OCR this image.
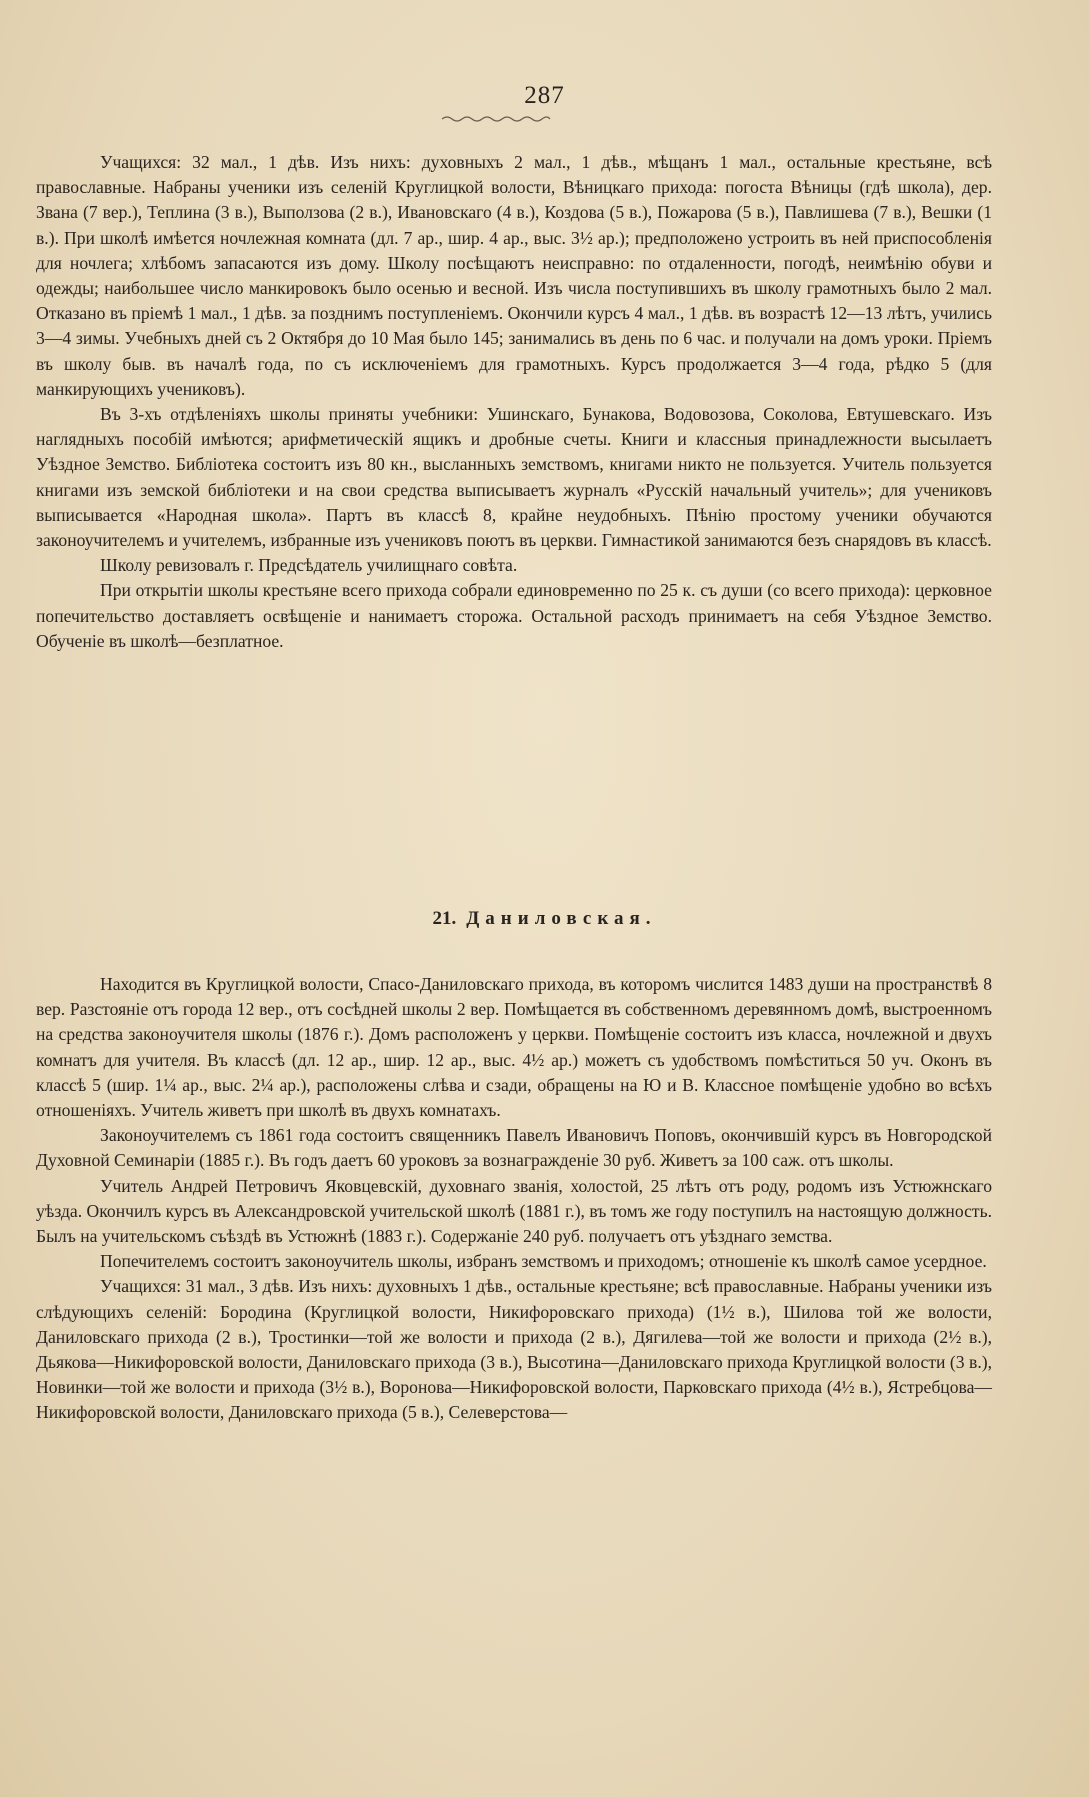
287

Учащихся: 32 мал., 1 дѣв. Изъ нихъ: духовныхъ 2 мал., 1 дѣв., мѣщанъ 1 мал., остальные крестьяне, всѣ православные. Набраны ученики изъ селеній Круглицкой волости, Вѣницкаго прихода: погоста Вѣницы (гдѣ школа), дер. Звана (7 вер.), Теплина (3 в.), Выползова (2 в.), Ивановскаго (4 в.), Коздова (5 в.), Пожарова (5 в.), Павлишева (7 в.), Вешки (1 в.). При школѣ имѣется ночлежная комната (дл. 7 ар., шир. 4 ар., выс. 3½ ар.); предположено устроить въ ней приспособленія для ночлега; хлѣбомъ запасаются изъ дому. Школу посѣщаютъ неисправно: по отдаленности, погодѣ, неимѣнію обуви и одежды; наибольшее число манкировокъ было осенью и весной. Изъ числа поступившихъ въ школу грамотныхъ было 2 мал. Отказано въ пріемѣ 1 мал., 1 дѣв. за позднимъ поступленіемъ. Окончили курсъ 4 мал., 1 дѣв. въ возрастѣ 12—13 лѣтъ, учились 3—4 зимы. Учебныхъ дней съ 2 Октября до 10 Мая было 145; занимались въ день по 6 час. и получали на домъ уроки. Пріемъ въ школу быв. въ началѣ года, по съ исключеніемъ для грамотныхъ. Курсъ продолжается 3—4 года, рѣдко 5 (для манкирующихъ учениковъ).

Въ 3-хъ отдѣленіяхъ школы приняты учебники: Ушинскаго, Бунакова, Водовозова, Соколова, Евтушевскаго. Изъ наглядныхъ пособій имѣются; арифметическій ящикъ и дробные счеты. Книги и классныя принадлежности высылаетъ Уѣздное Земство. Библіотека состоитъ изъ 80 кн., высланныхъ земствомъ, книгами никто не пользуется. Учитель пользуется книгами изъ земской библіотеки и на свои средства выписываетъ журналъ «Русскій начальный учитель»; для учениковъ выписывается «Народная школа». Партъ въ классѣ 8, крайне неудобныхъ. Пѣнію простому ученики обучаются законоучителемъ и учителемъ, избранные изъ учениковъ поютъ въ церкви. Гимнастикой занимаются безъ снарядовъ въ классѣ.

Школу ревизовалъ г. Предсѣдатель училищнаго совѣта.

При открытіи школы крестьяне всего прихода собрали единовременно по 25 к. съ души (со всего прихода): церковное попечительство доставляетъ освѣщеніе и нанимаетъ сторожа. Остальной расходъ принимаетъ на себя Уѣздное Земство. Обученіе въ школѣ—безплатное.

21. Даниловская.

Находится въ Круглицкой волости, Спасо-Даниловскаго прихода, въ которомъ числится 1483 души на пространствѣ 8 вер. Разстояніе отъ города 12 вер., отъ сосѣдней школы 2 вер. Помѣщается въ собственномъ деревянномъ домѣ, выстроенномъ на средства законоучителя школы (1876 г.). Домъ расположенъ у церкви. Помѣщеніе состоитъ изъ класса, ночлежной и двухъ комнатъ для учителя. Въ классѣ (дл. 12 ар., шир. 12 ар., выс. 4½ ар.) можетъ съ удобствомъ помѣститься 50 уч. Оконъ въ классѣ 5 (шир. 1¼ ар., выс. 2¼ ар.), расположены слѣва и сзади, обращены на Ю и В. Классное помѣщеніе удобно во всѣхъ отношеніяхъ. Учитель живетъ при школѣ въ двухъ комнатахъ.

Законоучителемъ съ 1861 года состоитъ священникъ Павелъ Ивановичъ Поповъ, окончившій курсъ въ Новгородской Духовной Семинаріи (1885 г.). Въ годъ даетъ 60 уроковъ за вознагражденіе 30 руб. Живетъ за 100 саж. отъ школы.

Учитель Андрей Петровичъ Яковцевскій, духовнаго званія, холостой, 25 лѣтъ отъ роду, родомъ изъ Устюжнскаго уѣзда. Окончилъ курсъ въ Александровской учительской школѣ (1881 г.), въ томъ же году поступилъ на настоящую должность. Былъ на учительскомъ съѣздѣ въ Устюжнѣ (1883 г.). Содержаніе 240 руб. получаетъ отъ уѣзднаго земства.

Попечителемъ состоитъ законоучитель школы, избранъ земствомъ и приходомъ; отношеніе къ школѣ самое усердное.

Учащихся: 31 мал., 3 дѣв. Изъ нихъ: духовныхъ 1 дѣв., остальные крестьяне; всѣ православные. Набраны ученики изъ слѣдующихъ селеній: Бородина (Круглицкой волости, Никифоровскаго прихода) (1½ в.), Шилова той же волости, Даниловскаго прихода (2 в.), Тростинки—той же волости и прихода (2 в.), Дягилева—той же волости и прихода (2½ в.), Дьякова—Никифоровской волости, Даниловскаго прихода (3 в.), Высотина—Даниловскаго прихода Круглицкой волости (3 в.), Новинки—той же волости и прихода (3½ в.), Воронова—Никифоровской волости, Парковскаго прихода (4½ в.), Ястребцова—Никифоровской волости, Даниловскаго прихода (5 в.), Селеверстова—
